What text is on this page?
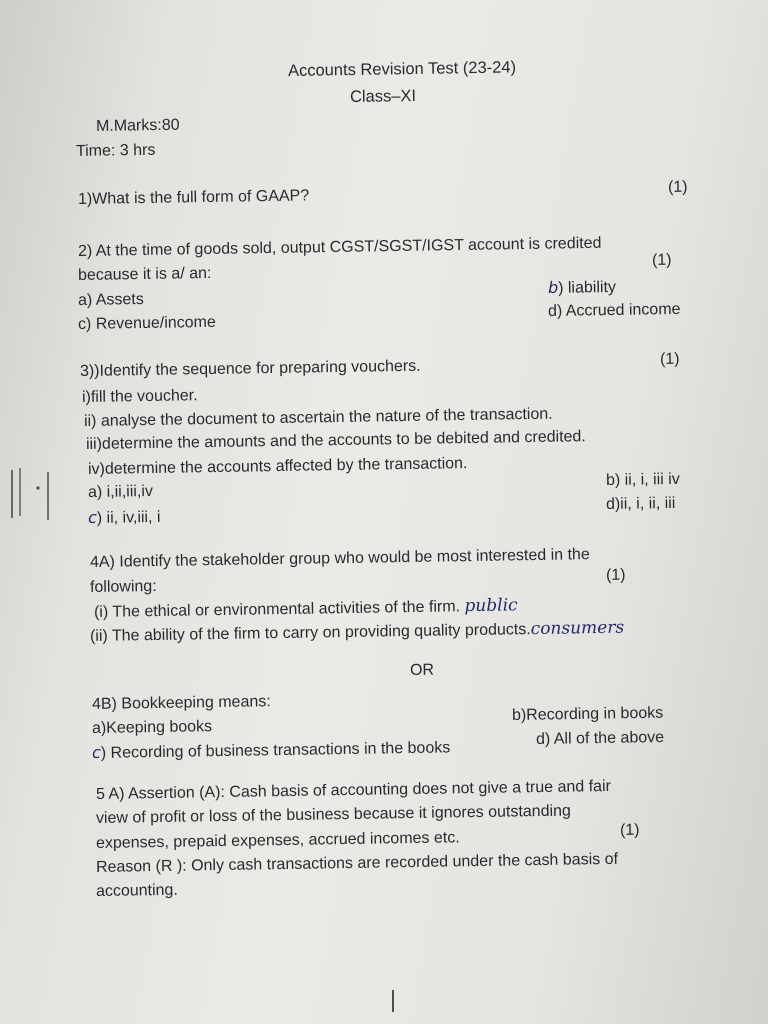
Accounts Revision Test (23-24)
Class–XI
M.Marks:80
Time: 3 hrs
1)What is the full form of GAAP?
(1)
2) At the time of goods sold, output CGST/SGST/IGST account is credited
because it is a/ an:
(1)
a) Assets
b) liability
c) Revenue/income
d) Accrued income
3))Identify the sequence for preparing vouchers.	(1)
i)fill the voucher.
ii) analyse the document to ascertain the nature of the transaction.
iii)determine the amounts and the accounts to be debited and credited.
iv)determine the accounts affected by the transaction.
a) i,ii,iii,iv
b) ii, i, iii iv
c) ii, iv,iii, i
d)ii, i, ii, iii
4A) Identify the stakeholder group who would be most interested in the
following:
(1)
(i) The ethical or environmental activities of the firm. public
(ii) The ability of the firm to carry on providing quality products.consumers
OR
4B) Bookkeeping means:
a)Keeping books
b)Recording in books
c) Recording of business transactions in the books
d) All of the above
5 A) Assertion (A): Cash basis of accounting does not give a true and fair
view of profit or loss of the business because it ignores outstanding
expenses, prepaid expenses, accrued incomes etc.	(1)
Reason (R ): Only cash transactions are recorded under the cash basis of
accounting.
